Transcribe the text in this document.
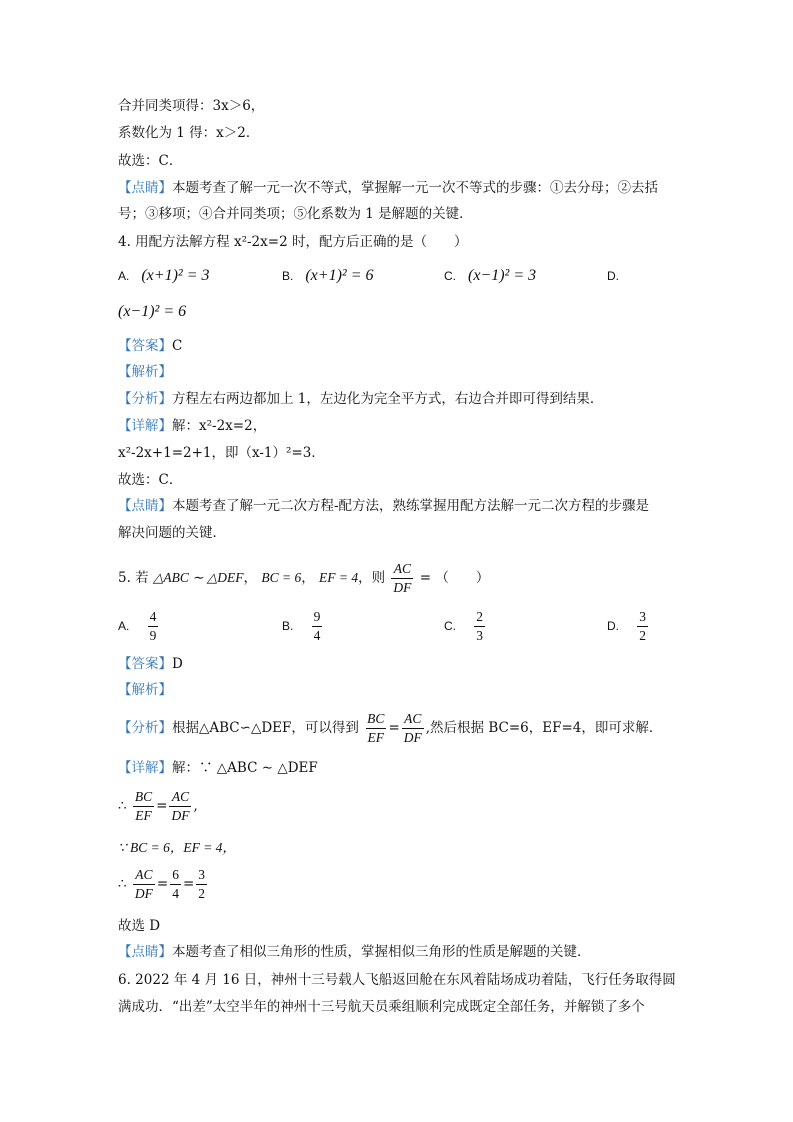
合并同类项得：3x＞6，
系数化为 1 得：x＞2．
故选：C．
【点睛】本题考查了解一元一次不等式，掌握解一元一次不等式的步骤：①去分母；②去括
号；③移项；④合并同类项；⑤化系数为 1 是解题的关键．
4. 用配方法解方程 x²-2x=2 时，配方后正确的是（　　）
A. (x+1)² = 3	B. (x+1)² = 6	C. (x−1)² = 3	D.
(x−1)² = 6
【答案】C
【解析】
【分析】方程左右两边都加上 1，左边化为完全平方式，右边合并即可得到结果．
【详解】解：x²-2x=2，
x²-2x+1=2+1，即（x-1）²=3．
故选：C．
【点睛】本题考查了解一元二次方程-配方法，熟练掌握用配方法解一元二次方程的步骤是
解决问题的关键．
5. 若 △ABC ∼ △DEF， BC = 6， EF = 4，则 $\frac{AC}{DF}$ = （　　）
A. $\frac{4}{9}$	B. $\frac{9}{4}$	C. $\frac{2}{3}$	D. $\frac{3}{2}$
【答案】D
【解析】
【分析】根据△ABC∽△DEF，可以得到 $\frac{BC}{EF} = \frac{AC}{DF}$ ,然后根据 BC=6，EF=4，即可求解．
【详解】解：∵ △ABC ∼ △DEF
∴ $\frac{BC}{EF} = \frac{AC}{DF}$ ,
∵ BC = 6，EF = 4，
∴ $\frac{AC}{DF} = \frac{6}{4} = \frac{3}{2}$
故选 D
【点睛】本题考查了相似三角形的性质，掌握相似三角形的性质是解题的关键．
6. 2022 年 4 月 16 日，神州十三号载人飞船返回舱在东风着陆场成功着陆，飞行任务取得圆
满成功．“出差”太空半年的神州十三号航天员乘组顺利完成既定全部任务，并解锁了多个
